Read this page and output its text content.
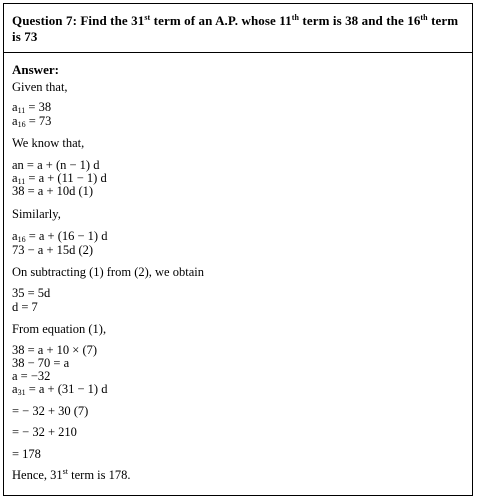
Question 7: Find the 31st term of an A.P. whose 11th term is 38 and the 16th term is 73
Answer:
Given that,
$a_{11} = 38$
$a_{16} = 73$
We know that,
an = a + (n − 1) d
$a_{11} = a + (11 - 1)$ d
38 = a + 10d (1)
Similarly,
$a_{16} = a + (16 - 1)$ d
73 − a + 15d (2)
On subtracting (1) from (2), we obtain
35 = 5d
d = 7
From equation (1),
38 = a + 10 × (7)
38 − 70 = a
a = −32
$a_{31} = a + (31 - 1)$ d
= − 32 + 30 (7)
= − 32 + 210
= 178
Hence, 31st term is 178.
